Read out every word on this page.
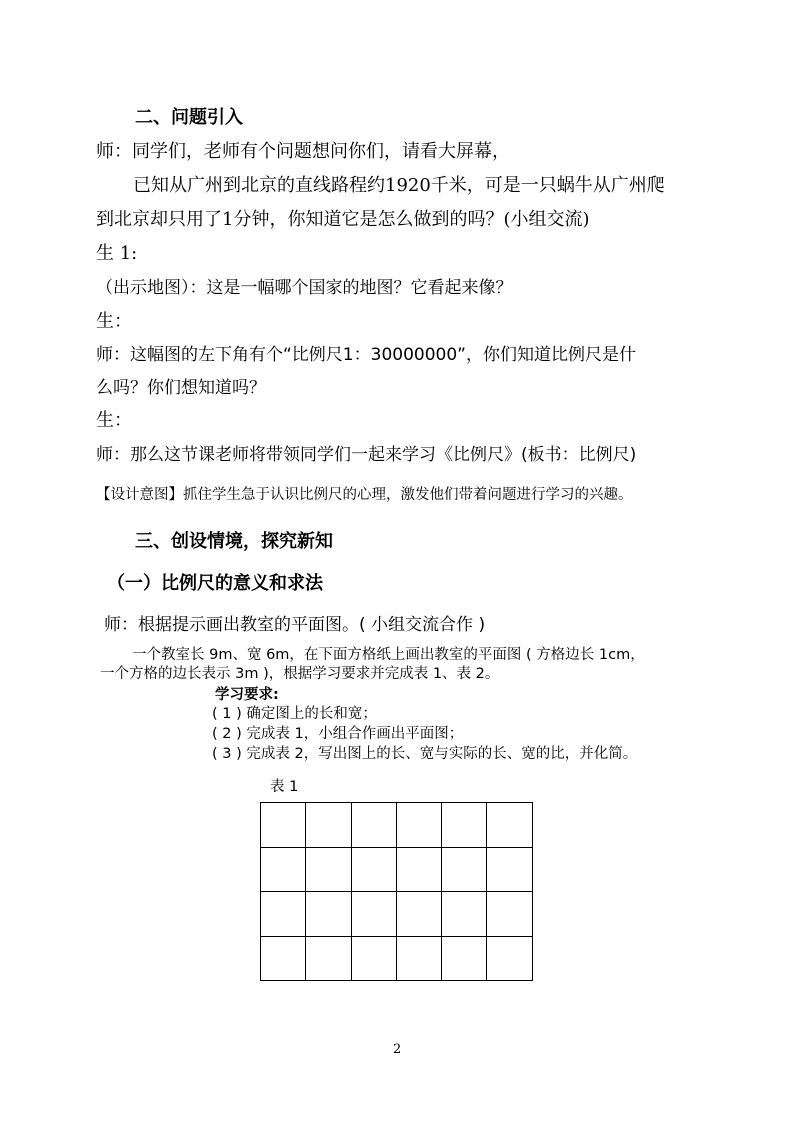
二、问题引入
师：同学们，老师有个问题想问你们，请看大屏幕，
已知从广州到北京的直线路程约1920千米，可是一只蜗牛从广州爬
到北京却只用了1分钟，你知道它是怎么做到的吗？(小组交流)
生 1:
（出示地图）：这是一幅哪个国家的地图？它看起来像？
生：
师：这幅图的左下角有个“比例尺1：30000000”，你们知道比例尺是什
么吗？你们想知道吗？
生：
师：那么这节课老师将带领同学们一起来学习《比例尺》(板书：比例尺)
【设计意图】抓住学生急于认识比例尺的心理，激发他们带着问题进行学习的兴趣。
三、创设情境，探究新知
（一）比例尺的意义和求法
师：根据提示画出教室的平面图。( 小组交流合作 )
一个教室长 9m、宽 6m，在下面方格纸上画出教室的平面图 ( 方格边长 1cm，
一个方格的边长表示 3m )，根据学习要求并完成表 1、表 2。
学习要求:
( 1 ) 确定图上的长和宽；
( 2 ) 完成表 1，小组合作画出平面图；
( 3 ) 完成表 2，写出图上的长、宽与实际的长、宽的比，并化简。
表 1

2
